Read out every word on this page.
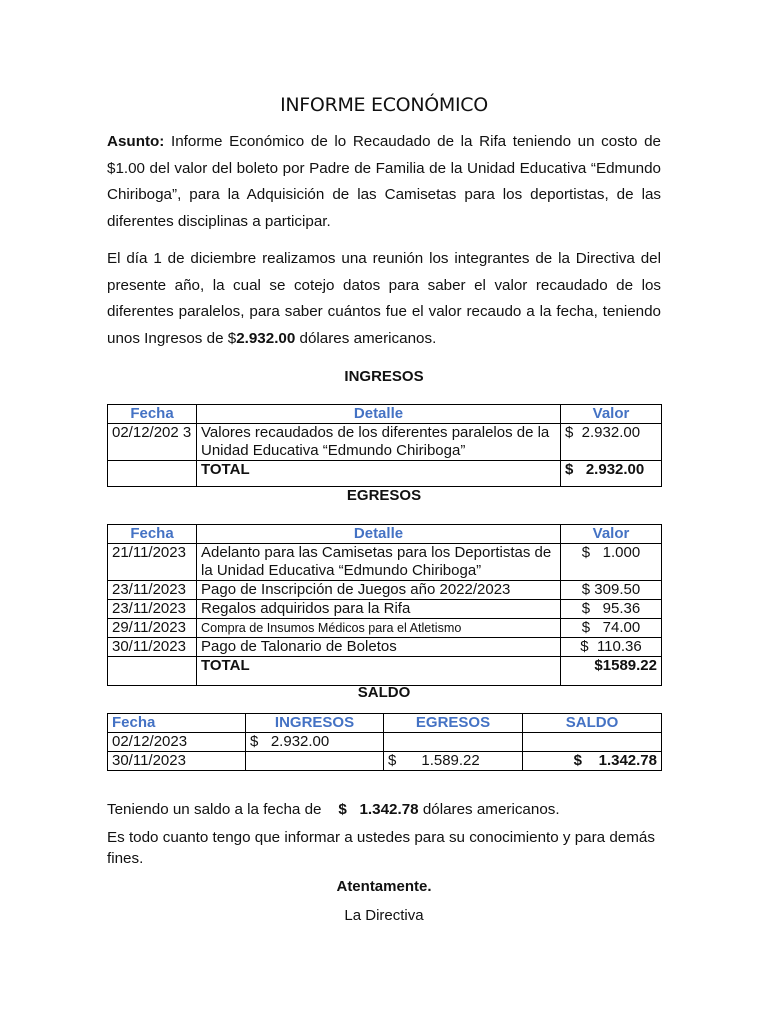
INFORME ECONÓMICO
Asunto: Informe Económico de lo Recaudado de la Rifa teniendo un costo de $1.00 del valor del boleto por Padre de Familia de la Unidad Educativa “Edmundo Chiriboga”, para la Adquisición de las Camisetas para los deportistas, de las diferentes disciplinas a participar.
El día 1 de diciembre realizamos una reunión los integrantes de la Directiva del presente año, la cual se cotejo datos para saber el valor recaudado de los diferentes paralelos, para saber cuántos fue el valor recaudo a la fecha, teniendo unos Ingresos de $2.932.00 dólares americanos.
INGRESOS
Fecha	Detalle	Valor
02/12/202 3	Valores recaudados de los diferentes paralelos de la Unidad Educativa “Edmundo Chiriboga”	$  2.932.00
	TOTAL	$   2.932.00
EGRESOS
Fecha	Detalle	Valor
21/11/2023	Adelanto para las Camisetas para los Deportistas de la Unidad Educativa “Edmundo Chiriboga”	$   1.000
23/11/2023	Pago de Inscripción de Juegos año 2022/2023	$ 309.50
23/11/2023	Regalos adquiridos para la Rifa	$   95.36
29/11/2023	Compra de Insumos Médicos para el Atletismo	$   74.00
30/11/2023	Pago de Talonario de Boletos	$  110.36
	TOTAL	$1589.22
SALDO
Fecha	INGRESOS	EGRESOS	SALDO
02/12/2023	$   2.932.00		
30/11/2023		$      1.589.22	$    1.342.78
Teniendo un saldo a la fecha de $   1.342.78 dólares americanos.
Es todo cuanto tengo que informar a ustedes para su conocimiento y para demás fines.
Atentamente.
La Directiva
